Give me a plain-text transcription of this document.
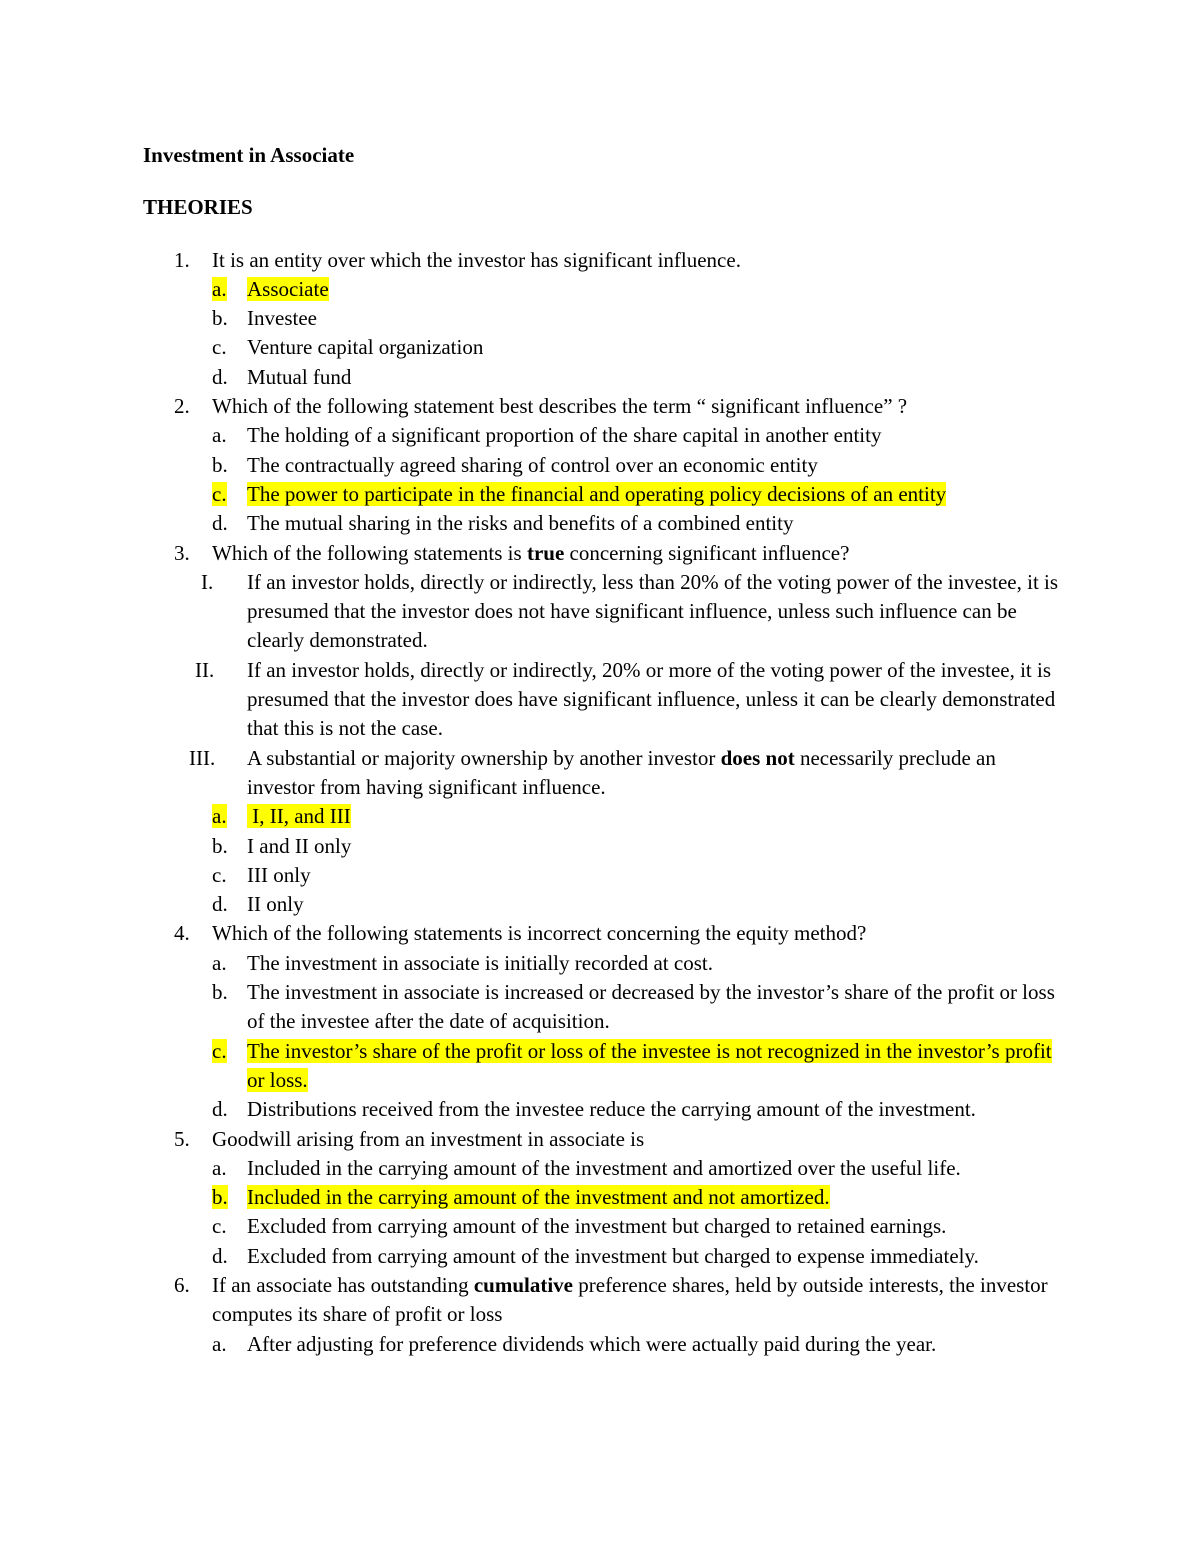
Investment in Associate

THEORIES

1.	It is an entity over which the investor has significant influence.
a. Associate
b. Investee
c. Venture capital organization
d. Mutual fund
2.	Which of the following statement best describes the term “ significant influence” ?
a. The holding of a significant proportion of the share capital in another entity
b. The contractually agreed sharing of control over an economic entity
c. The power to participate in the financial and operating policy decisions of an entity
d. The mutual sharing in the risks and benefits of a combined entity
3.	Which of the following statements is true concerning significant influence?
I.	If an investor holds, directly or indirectly, less than 20% of the voting power of the investee, it is presumed that the investor does not have significant influence, unless such influence can be clearly demonstrated.
II.	If an investor holds, directly or indirectly, 20% or more of the voting power of the investee, it is presumed that the investor does have significant influence, unless it can be clearly demonstrated that this is not the case.
III.	A substantial or majority ownership by another investor does not necessarily preclude an investor from having significant influence.
a. I, II, and III
b. I and II only
c. III only
d. II only
4.	Which of the following statements is incorrect concerning the equity method?
a. The investment in associate is initially recorded at cost.
b. The investment in associate is increased or decreased by the investor’s share of the profit or loss of the investee after the date of acquisition.
c. The investor’s share of the profit or loss of the investee is not recognized in the investor’s profit or loss.
d. Distributions received from the investee reduce the carrying amount of the investment.
5.	Goodwill arising from an investment in associate is
a. Included in the carrying amount of the investment and amortized over the useful life.
b. Included in the carrying amount of the investment and not amortized.
c. Excluded from carrying amount of the investment but charged to retained earnings.
d. Excluded from carrying amount of the investment but charged to expense immediately.
6.	If an associate has outstanding cumulative preference shares, held by outside interests, the investor computes its share of profit or loss
a. After adjusting for preference dividends which were actually paid during the year.
